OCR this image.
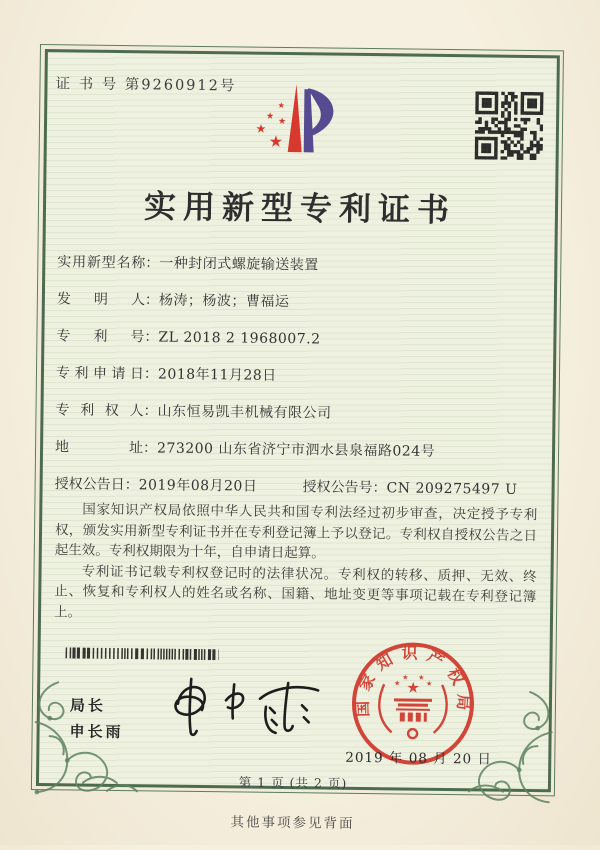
证 书 号 第9260912号
★
★
★
★
★
实用新型专利证书
实用新型名称：一种封闭式螺旋输送装置
发明人：杨涛；杨波；曹福运
专利号：ZL 2018 2 1968007.2
专利申请日：2018年11月28日
专利权人：山东恒易凯丰机械有限公司
地址：273200 山东省济宁市泗水县泉福路024号
授权公告日：2019年08月20日	授权公告号：CN 209275497 U

国家知识产权局依照中华人民共和国专利法经过初步审查，决定授予专利权，颁发实用新型专利证书并在专利登记簿上予以登记。专利权自授权公告之日起生效。专利权期限为十年，自申请日起算。

专利证书记载专利权登记时的法律状况。专利权的转移、质押、无效、终止、恢复和专利权人的姓名或名称、国籍、地址变更等事项记载在专利登记簿上。

局长
申长雨
国家知识产权局
★
★
★ ★
★
2019 年 08 月 20 日
第 1 页 (共 2 页)
其他事项参见背面
